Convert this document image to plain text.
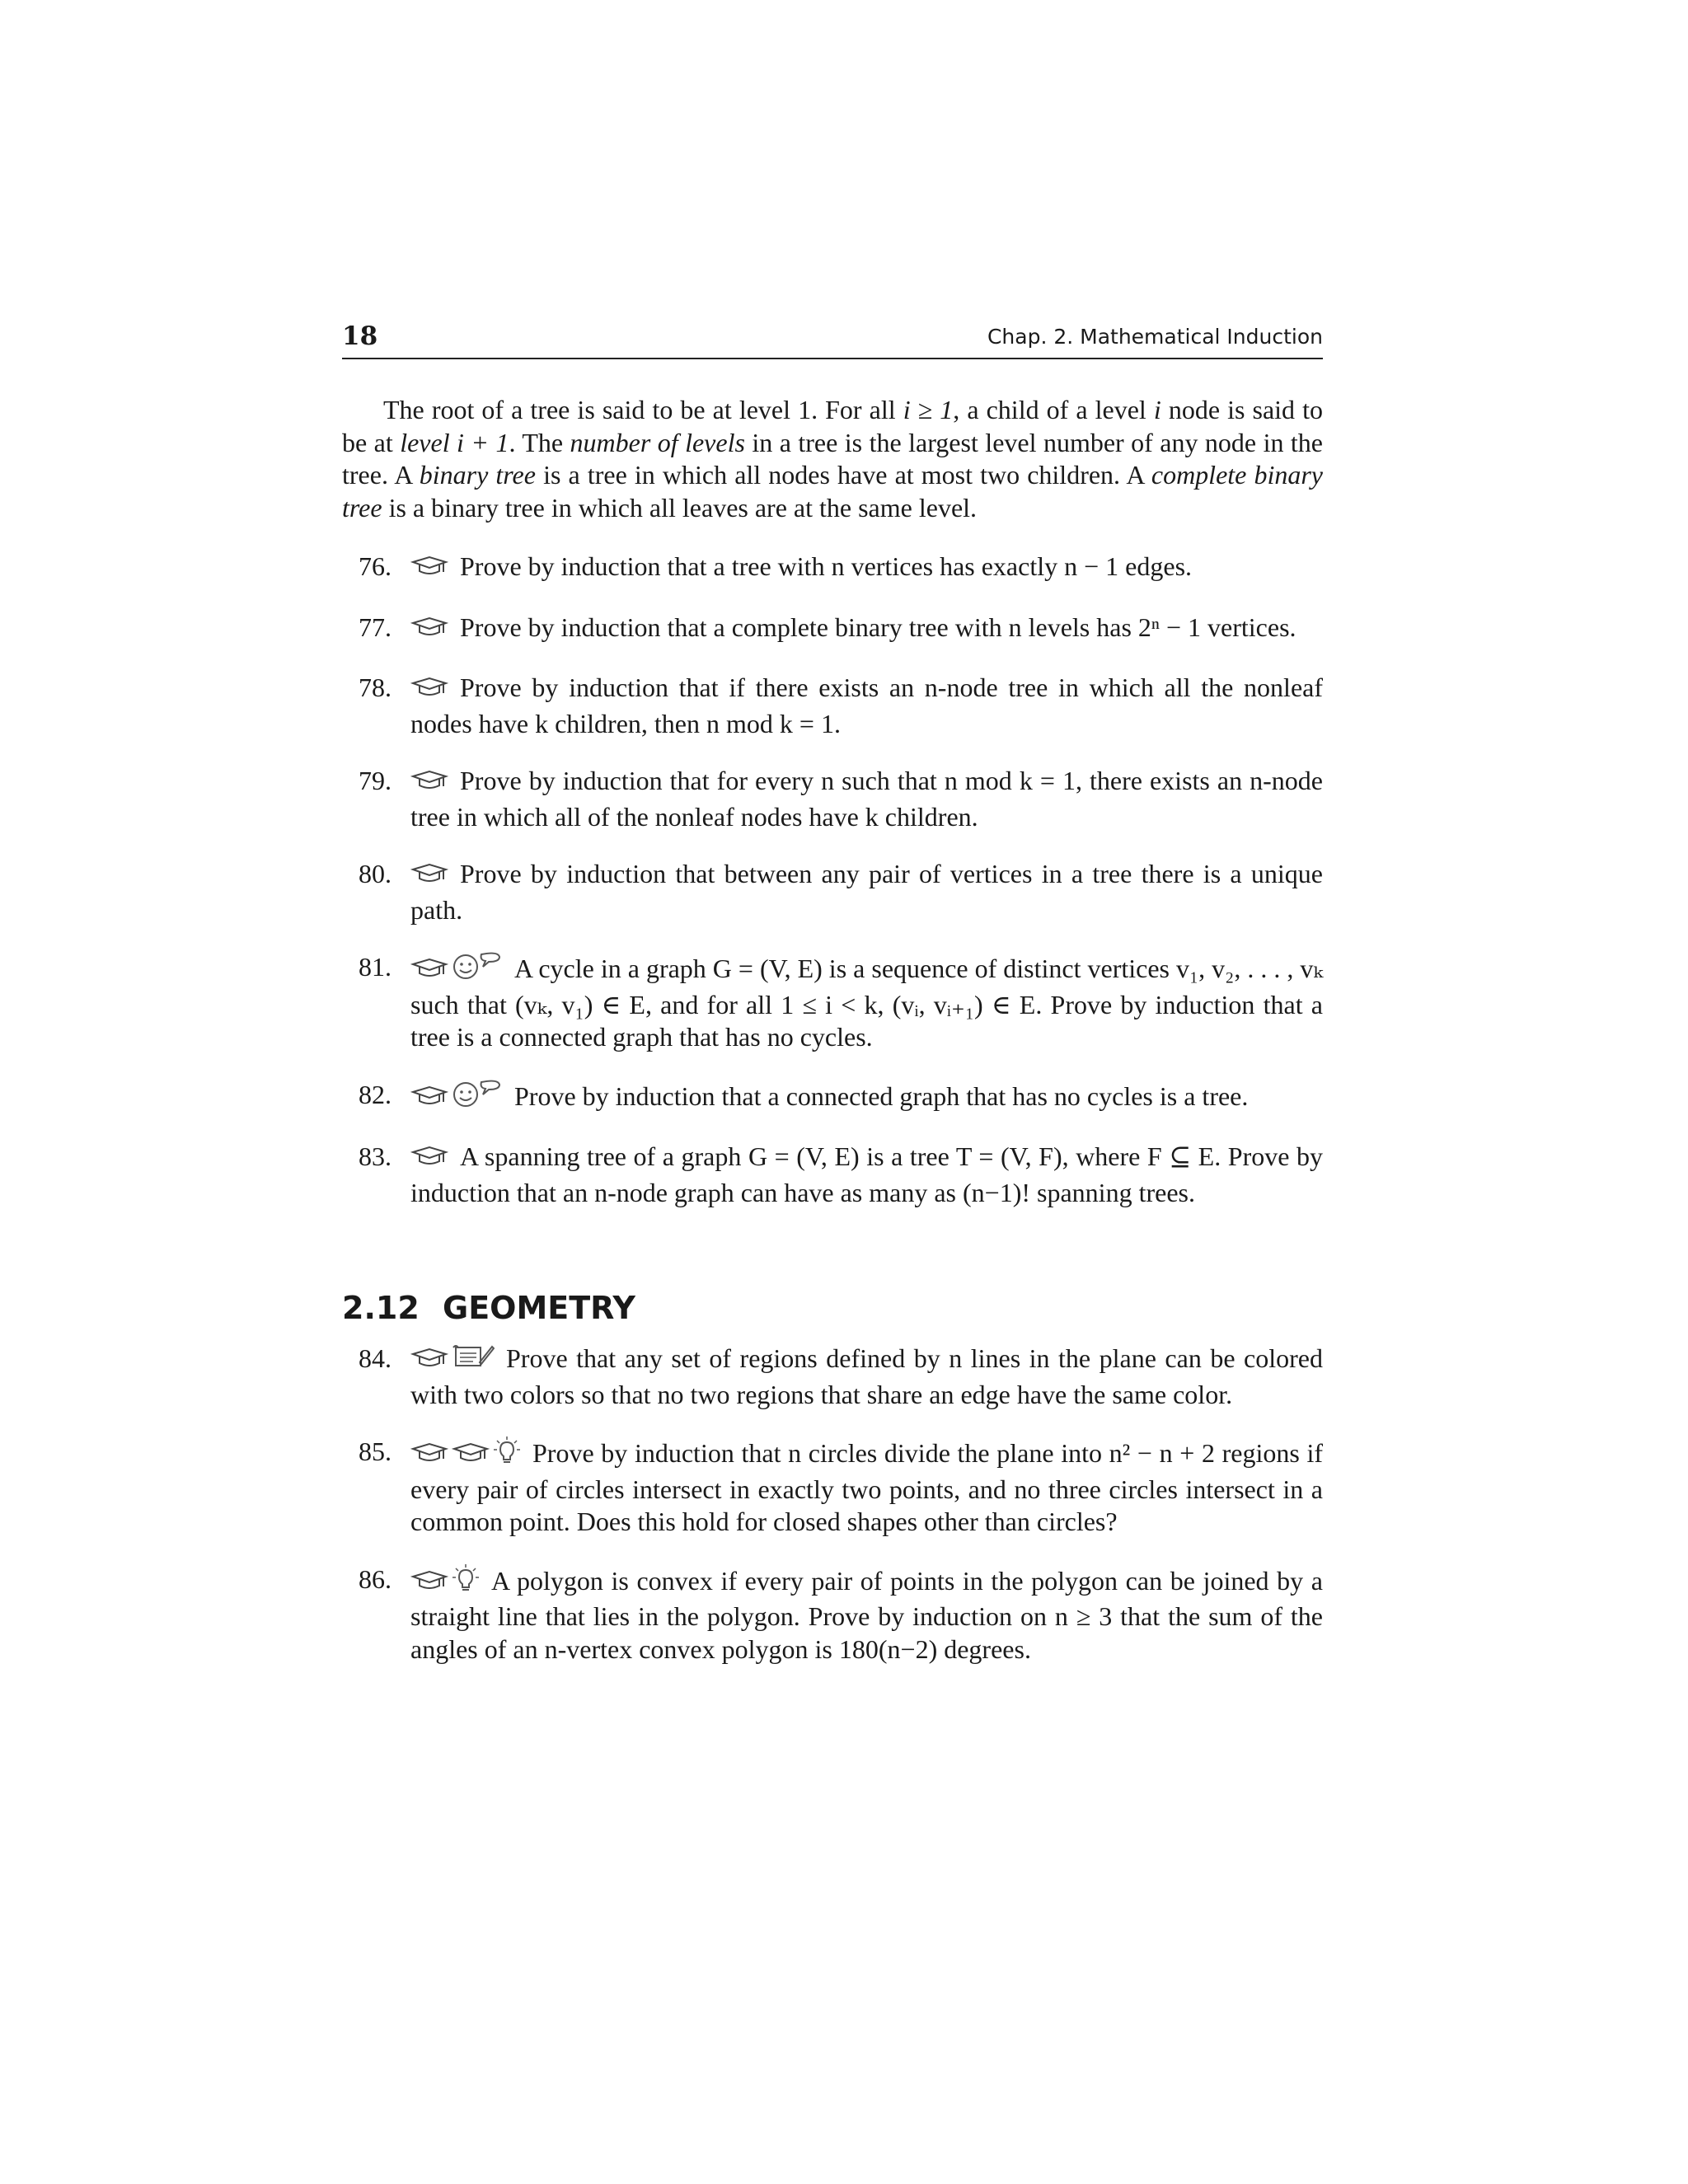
18	Chap. 2. Mathematical Induction

The root of a tree is said to be at level 1. For all i ≥ 1, a child of a level i node is said to be at level i + 1. The number of levels in a tree is the largest level number of any node in the tree. A binary tree is a tree in which all nodes have at most two children. A complete binary tree is a binary tree in which all leaves are at the same level.

76.	Prove by induction that a tree with n vertices has exactly n − 1 edges.
77.	Prove by induction that a complete binary tree with n levels has 2ⁿ − 1 vertices.
78.	Prove by induction that if there exists an n-node tree in which all the nonleaf nodes have k children, then n mod k = 1.
79.	Prove by induction that for every n such that n mod k = 1, there exists an n-node tree in which all of the nonleaf nodes have k children.
80.	Prove by induction that between any pair of vertices in a tree there is a unique path.
81.	A cycle in a graph G = (V, E) is a sequence of distinct vertices v₁, v₂, . . . , vₖ such that (vₖ, v₁) ∈ E, and for all 1 ≤ i < k, (vᵢ, vᵢ₊₁) ∈ E. Prove by induction that a tree is a connected graph that has no cycles.
82.	Prove by induction that a connected graph that has no cycles is a tree.
83.	A spanning tree of a graph G = (V, E) is a tree T = (V, F), where F ⊆ E. Prove by induction that an n-node graph can have as many as (n−1)! spanning trees.
2.12 GEOMETRY
84.	Prove that any set of regions defined by n lines in the plane can be colored with two colors so that no two regions that share an edge have the same color.
85.	Prove by induction that n circles divide the plane into n² − n + 2 regions if every pair of circles intersect in exactly two points, and no three circles intersect in a common point. Does this hold for closed shapes other than circles?
86.	A polygon is convex if every pair of points in the polygon can be joined by a straight line that lies in the polygon. Prove by induction on n ≥ 3 that the sum of the angles of an n-vertex convex polygon is 180(n−2) degrees.
